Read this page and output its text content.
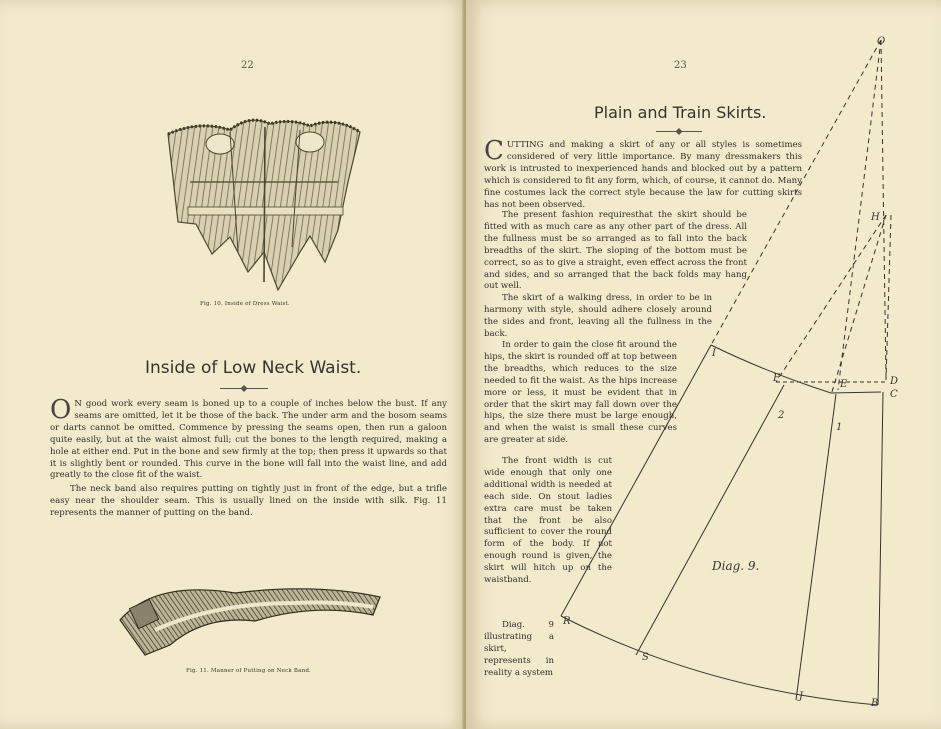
22
Fig. 10. Inside of Dress Waist.
Inside of Low Neck Waist.
O N good work every seam is boned up to a couple of inches below the bust. If any seams are omitted, let it be those of the back. The under arm and the bosom seams or darts cannot be omitted. Commence by pressing the seams open, then run a galoon quite easily, but at the waist almost full; cut the bones to the length required, making a hole at either end. Put in the bone and sew firmly at the top; then press it upwards so that it is slightly bent or rounded. This curve in the bone will fall into the waist line, and add greatly to the close fit of the waist.
The neck band also requires putting on tightly just in front of the edge, but a trifle easy near the shoulder seam. This is usually lined on the inside with silk. Fig. 11 represents the manner of putting on the band.
Fig. 11. Manner of Putting on Neck Band.
23
Plain and Train Skirts.
CUTTING and making a skirt of any or all styles is sometimes considered of very little importance. By many dressmakers this work is intrusted to inexperienced hands and blocked out by a pattern which is considered to fit any form, which, of course, it cannot do. Many fine costumes lack the correct style because the law for cutting skirts has not been observed.
The present fashion requiresthat the skirt should be fitted with as much care as any other part of the dress. All the fullness must be so arranged as to fall into the back breadths of the skirt. The sloping of the bottom must be correct, so as to give a straight, even effect across the front and sides, and so arranged that the back folds may hang out well.
The skirt of a walking dress, in order to be in harmony with style, should adhere closely around the sides and front, leaving all the fullness in the back.
In order to gain the close fit around the hips, the skirt is rounded off at top between the breadths, which reduces to the size needed to fit the waist. As the hips increase more or less, it must be evident that in order that the skirt may fall down over the hips, the size there must be large enough, and when the waist is small these curves are greater at side.
The front width is cut wide enough that only one additional width is needed at each side. On stout ladies extra care must be taken that the front be also sufficient to cover the round form of the body. If not enough round is given, the skirt will hitch up on the waistband.
Diag. 9 illustrating a skirt, represents in reality a system
O
H
I
F
E	D
C
2
1
R
S
J
B
Diag. 9.
